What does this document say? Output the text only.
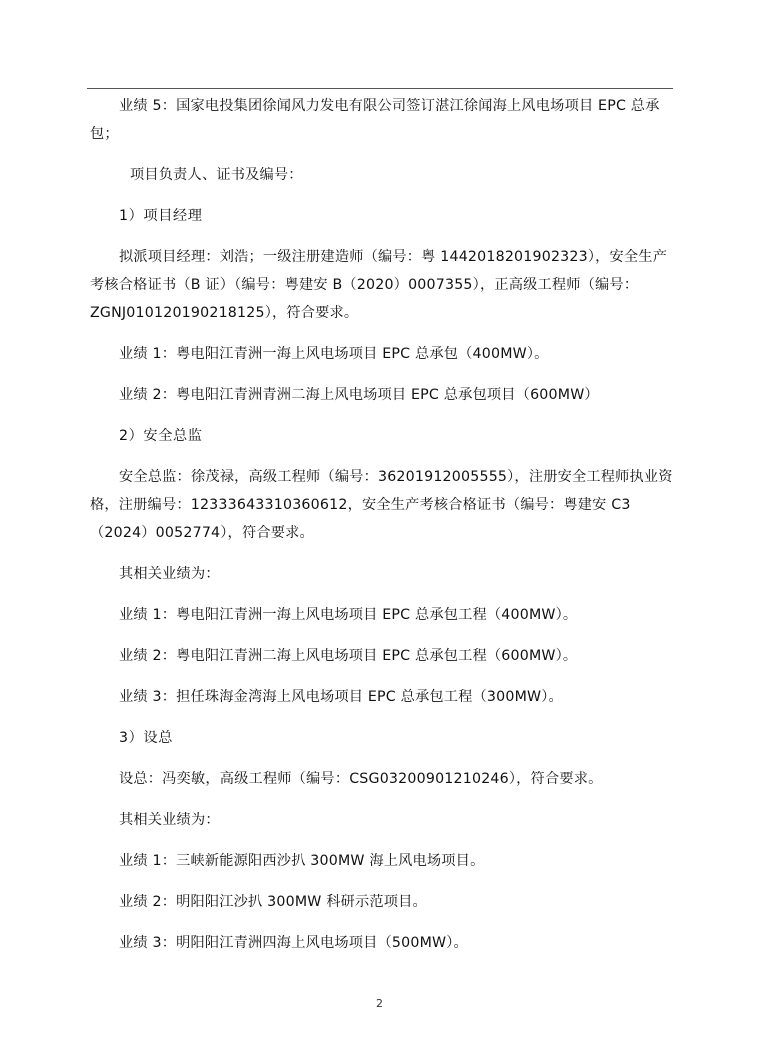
业绩 5：国家电投集团徐闻风力发电有限公司签订湛江徐闻海上风电场项目 EPC 总承包；

项目负责人、证书及编号：

1）项目经理

拟派项目经理：刘浩；一级注册建造师（编号：粤 1442018201902323），安全生产考核合格证书（B 证）（编号：粤建安 B（2020）0007355），正高级工程师（编号：ZGNJ010120190218125），符合要求。

业绩 1：粤电阳江青洲一海上风电场项目 EPC 总承包（400MW）。

业绩 2：粤电阳江青洲青洲二海上风电场项目 EPC 总承包项目（600MW）

2）安全总监

安全总监：徐茂禄，高级工程师（编号：36201912005555），注册安全工程师执业资格，注册编号：12333643310360612，安全生产考核合格证书（编号：粤建安 C3（2024）0052774），符合要求。

其相关业绩为：

业绩 1：粤电阳江青洲一海上风电场项目 EPC 总承包工程（400MW）。

业绩 2：粤电阳江青洲二海上风电场项目 EPC 总承包工程（600MW）。

业绩 3：担任珠海金湾海上风电场项目 EPC 总承包工程（300MW）。

3）设总

设总：冯奕敏，高级工程师（编号：CSG03200901210246），符合要求。

其相关业绩为：

业绩 1：三峡新能源阳西沙扒 300MW 海上风电场项目。

业绩 2：明阳阳江沙扒 300MW 科研示范项目。

业绩 3：明阳阳江青洲四海上风电场项目（500MW）。

2
